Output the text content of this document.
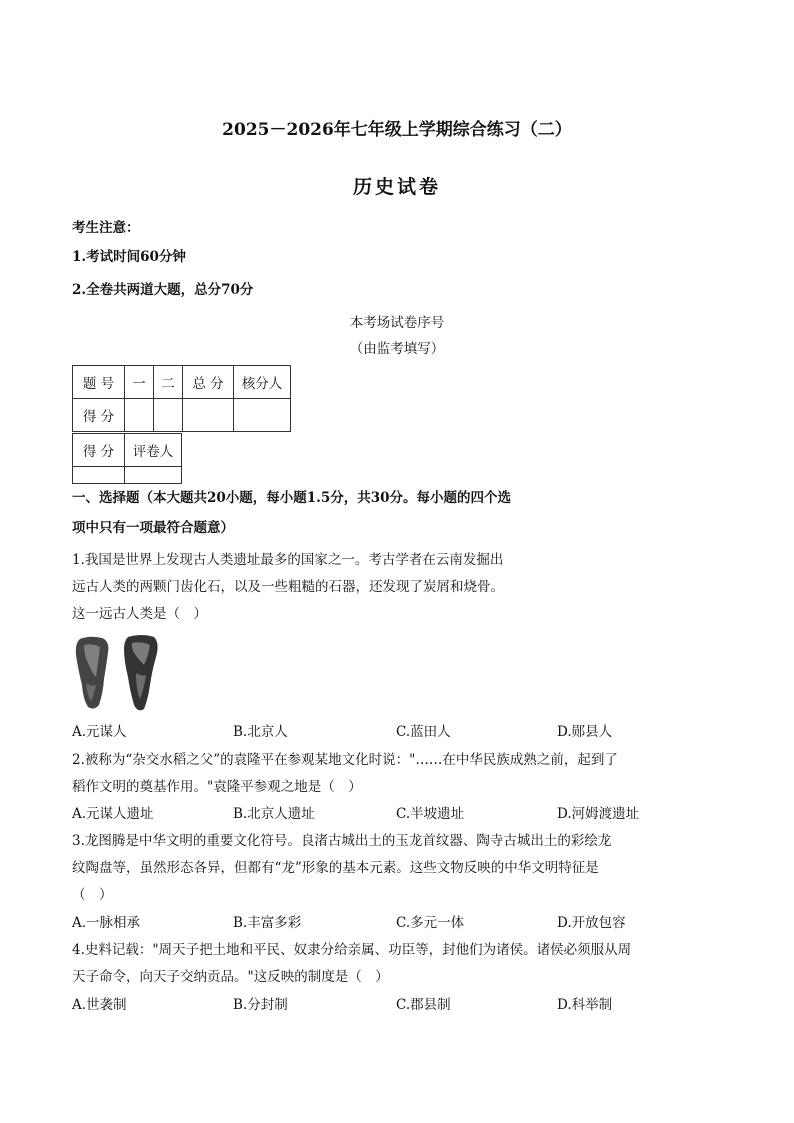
2025－2026年七年级上学期综合练习（二）
历史试卷
考生注意：
1.考试时间60分钟
2.全卷共两道大题，总分70分
本考场试卷序号
（由监考填写）
题 号	一	二	总 分	核分人
得 分				
得 分	评卷人

一、选择题（本大题共20小题，每小题1.5分，共30分。每小题的四个选
项中只有一项最符合题意）
1.我国是世界上发现古人类遗址最多的国家之一。考古学者在云南发掘出
远古人类的两颗门齿化石，以及一些粗糙的石器，还发现了炭屑和烧骨。
这一远古人类是（　）
A.元谋人	B.北京人	C.蓝田人	D.郧县人
2.被称为“杂交水稻之父”的袁隆平在参观某地文化时说："……在中华民族成熟之前，起到了
稻作文明的奠基作用。"袁隆平参观之地是（　）
A.元谋人遗址	B.北京人遗址	C.半坡遗址	D.河姆渡遗址
3.龙图腾是中华文明的重要文化符号。良渚古城出土的玉龙首纹器、陶寺古城出土的彩绘龙
纹陶盘等，虽然形态各异，但都有“龙”形象的基本元素。这些文物反映的中华文明特征是
（　）
A.一脉相承	B.丰富多彩	C.多元一体	D.开放包容
4.史料记载："周天子把土地和平民、奴隶分给亲属、功臣等，封他们为诸侯。诸侯必须服从周
天子命令，向天子交纳贡品。"这反映的制度是（　）
A.世袭制	B.分封制	C.郡县制	D.科举制
